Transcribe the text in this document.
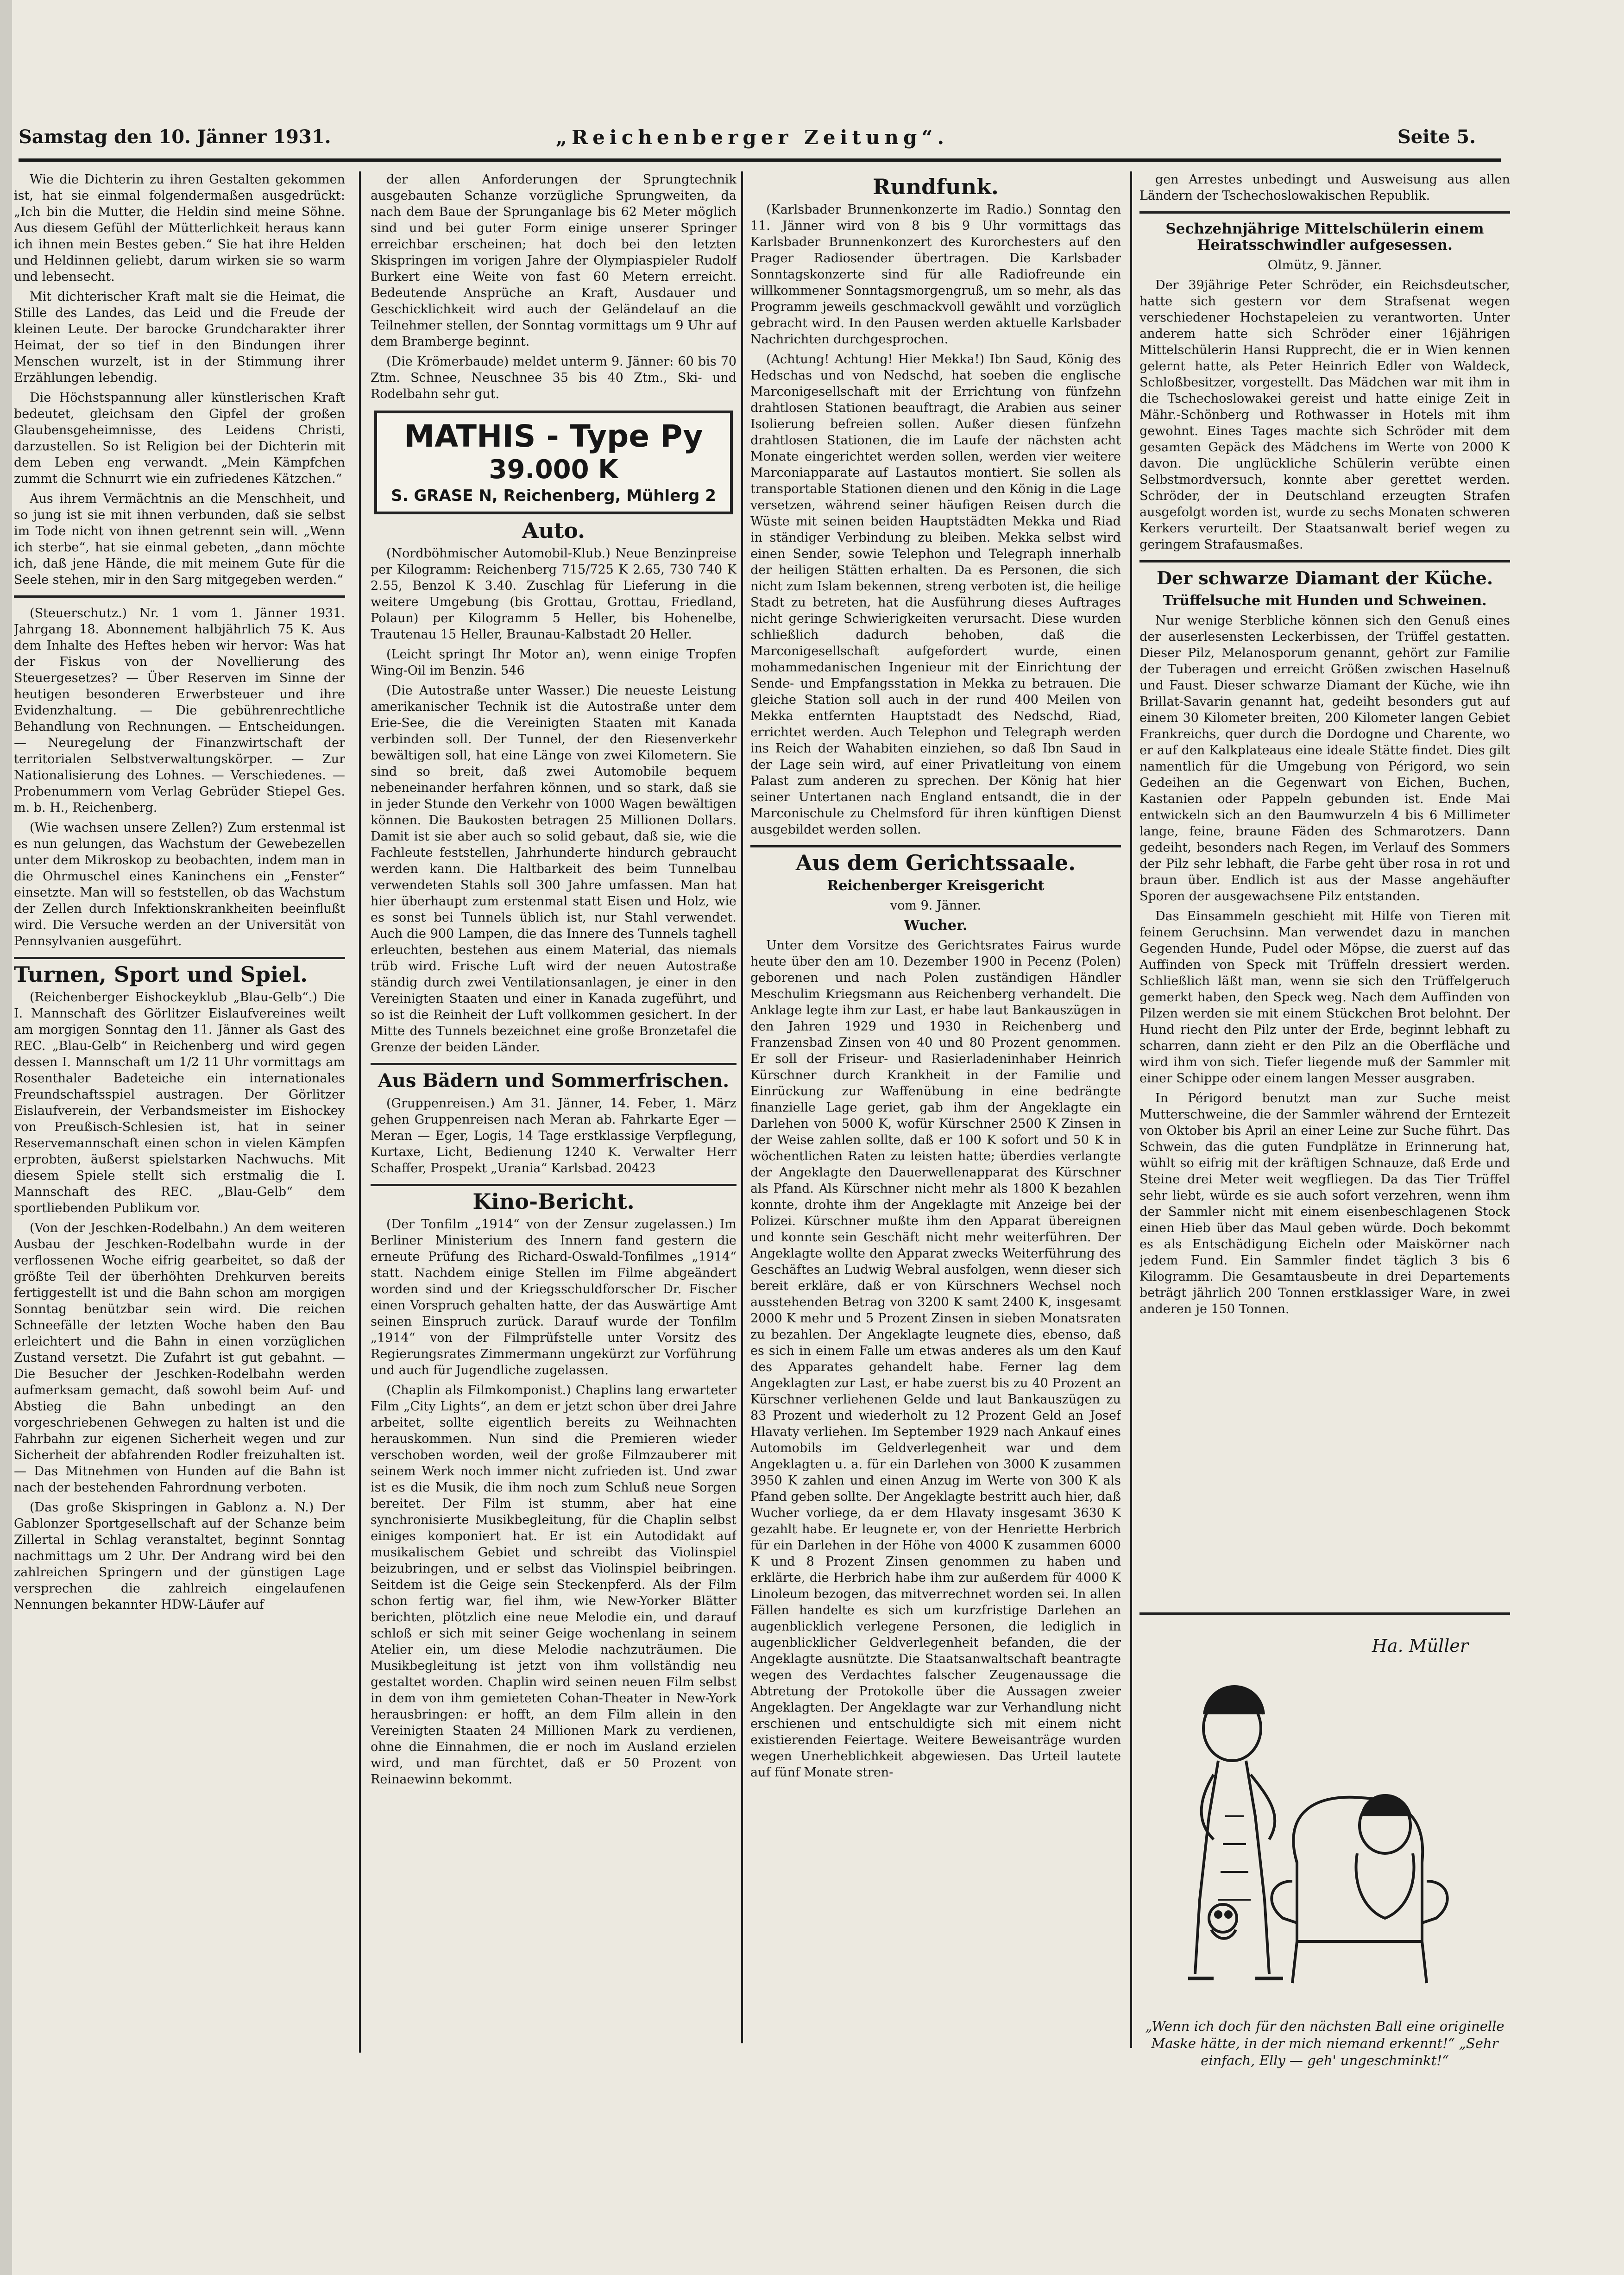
Samstag den 10. Jänner 1931.	„Reichenberger Zeitung“.	Seite 5.

Wie die Dichterin zu ihren Gestalten gekommen ist, hat sie einmal folgendermaßen ausgedrückt: „Ich bin die Mutter, die Heldin sind meine Söhne. Aus diesem Gefühl der Mütterlichkeit heraus kann ich ihnen mein Bestes geben.“ Sie hat ihre Helden und Heldinnen geliebt, darum wirken sie so warm und lebensecht.

Mit dichterischer Kraft malt sie die Heimat, die Stille des Landes, das Leid und die Freude der kleinen Leute. Der barocke Grundcharakter ihrer Heimat, der so tief in den Bindungen ihrer Menschen wurzelt, ist in der Stimmung ihrer Erzählungen lebendig.

Die Höchstspannung aller künstlerischen Kraft bedeutet, gleichsam den Gipfel der großen Glaubensgeheimnisse, des Leidens Christi, darzustellen. So ist Religion bei der Dichterin mit dem Leben eng verwandt. „Mein Kämpfchen zummt die Schnurrt wie ein zufriedenes Kätzchen.“

Aus ihrem Vermächtnis an die Menschheit, und so jung ist sie mit ihnen verbunden, daß sie selbst im Tode nicht von ihnen getrennt sein will. „Wenn ich sterbe“, hat sie einmal gebeten, „dann möchte ich, daß jene Hände, die mit meinem Gute für die Seele stehen, mir in den Sarg mitgegeben werden.“

(Steuerschutz.) Nr. 1 vom 1. Jänner 1931. Jahrgang 18. Abonnement halbjährlich 75 K. Aus dem Inhalte des Heftes heben wir hervor: Was hat der Fiskus von der Novellierung des Steuergesetzes? — Über Reserven im Sinne der heutigen besonderen Erwerbsteuer und ihre Evidenzhaltung. — Die gebührenrechtliche Behandlung von Rechnungen. — Entscheidungen. — Neuregelung der Finanzwirtschaft der territorialen Selbstverwaltungskörper. — Zur Nationalisierung des Lohnes. — Verschiedenes. — Probenummern vom Verlag Gebrüder Stiepel Ges. m. b. H., Reichenberg.

(Wie wachsen unsere Zellen?) Zum erstenmal ist es nun gelungen, das Wachstum der Gewebezellen unter dem Mikroskop zu beobachten, indem man in die Ohrmuschel eines Kaninchens ein „Fenster“ einsetzte. Man will so feststellen, ob das Wachstum der Zellen durch Infektionskrankheiten beeinflußt wird. Die Versuche werden an der Universität von Pennsylvanien ausgeführt.

Turnen, Sport und Spiel.

(Reichenberger Eishockeyklub „Blau-Gelb“.) Die I. Mannschaft des Görlitzer Eislaufvereines weilt am morgigen Sonntag den 11. Jänner als Gast des REC. „Blau-Gelb“ in Reichenberg und wird gegen dessen I. Mannschaft um 1/2 11 Uhr vormittags am Rosenthaler Badeteiche ein internationales Freundschaftsspiel austragen. Der Görlitzer Eislaufverein, der Verbandsmeister im Eishockey von Preußisch-Schlesien ist, hat in seiner Reservemannschaft einen schon in vielen Kämpfen erprobten, äußerst spielstarken Nachwuchs. Mit diesem Spiele stellt sich erstmalig die I. Mannschaft des REC. „Blau-Gelb“ dem sportliebenden Publikum vor.

(Von der Jeschken-Rodelbahn.) An dem weiteren Ausbau der Jeschken-Rodelbahn wurde in der verflossenen Woche eifrig gearbeitet, so daß der größte Teil der überhöhten Drehkurven bereits fertiggestellt ist und die Bahn schon am morgigen Sonntag benützbar sein wird. Die reichen Schneefälle der letzten Woche haben den Bau erleichtert und die Bahn in einen vorzüglichen Zustand versetzt. Die Zufahrt ist gut gebahnt. — Die Besucher der Jeschken-Rodelbahn werden aufmerksam gemacht, daß sowohl beim Auf- und Abstieg die Bahn unbedingt an den vorgeschriebenen Gehwegen zu halten ist und die Fahrbahn zur eigenen Sicherheit wegen und zur Sicherheit der abfahrenden Rodler freizuhalten ist. — Das Mitnehmen von Hunden auf die Bahn ist nach der bestehenden Fahrordnung verboten.

(Das große Skispringen in Gablonz a. N.) Der Gablonzer Sportgesellschaft auf der Schanze beim Zillertal in Schlag veranstaltet, beginnt Sonntag nachmittags um 2 Uhr. Der Andrang wird bei den zahlreichen Springern und der günstigen Lage versprechen die zahlreich eingelaufenen Nennungen bekannter HDW-Läufer auf

der allen Anforderungen der Sprungtechnik ausgebauten Schanze vorzügliche Sprungweiten, da nach dem Baue der Sprunganlage bis 62 Meter möglich sind und bei guter Form einige unserer Springer erreichbar erscheinen; hat doch bei den letzten Skispringen im vorigen Jahre der Olympiaspieler Rudolf Burkert eine Weite von fast 60 Metern erreicht. Bedeutende Ansprüche an Kraft, Ausdauer und Geschicklichkeit wird auch der Geländelauf an die Teilnehmer stellen, der Sonntag vormittags um 9 Uhr auf dem Bramberge beginnt.

(Die Krömerbaude) meldet unterm 9. Jänner: 60 bis 70 Ztm. Schnee, Neuschnee 35 bis 40 Ztm., Ski- und Rodelbahn sehr gut.

MATHIS - Type Py
39.000 K
S. GRASE N, Reichenberg, Mühlerg 2
Auto.

(Nordböhmischer Automobil-Klub.) Neue Benzinpreise per Kilogramm: Reichenberg 715/725 K 2.65, 730 740 K 2.55, Benzol K 3.40. Zuschlag für Lieferung in die weitere Umgebung (bis Grottau, Grottau, Friedland, Polaun) per Kilogramm 5 Heller, bis Hohenelbe, Trautenau 15 Heller, Braunau-Kalbstadt 20 Heller.

(Leicht springt Ihr Motor an), wenn einige Tropfen Wing-Oil im Benzin. 546

(Die Autostraße unter Wasser.) Die neueste Leistung amerikanischer Technik ist die Autostraße unter dem Erie-See, die die Vereinigten Staaten mit Kanada verbinden soll. Der Tunnel, der den Riesenverkehr bewältigen soll, hat eine Länge von zwei Kilometern. Sie sind so breit, daß zwei Automobile bequem nebeneinander herfahren können, und so stark, daß sie in jeder Stunde den Verkehr von 1000 Wagen bewältigen können. Die Baukosten betragen 25 Millionen Dollars. Damit ist sie aber auch so solid gebaut, daß sie, wie die Fachleute feststellen, Jahrhunderte hindurch gebraucht werden kann. Die Haltbarkeit des beim Tunnelbau verwendeten Stahls soll 300 Jahre umfassen. Man hat hier überhaupt zum erstenmal statt Eisen und Holz, wie es sonst bei Tunnels üblich ist, nur Stahl verwendet. Auch die 900 Lampen, die das Innere des Tunnels taghell erleuchten, bestehen aus einem Material, das niemals trüb wird. Frische Luft wird der neuen Autostraße ständig durch zwei Ventilationsanlagen, je einer in den Vereinigten Staaten und einer in Kanada zugeführt, und so ist die Reinheit der Luft vollkommen gesichert. In der Mitte des Tunnels bezeichnet eine große Bronzetafel die Grenze der beiden Länder.

Aus Bädern und Sommerfrischen.

(Gruppenreisen.) Am 31. Jänner, 14. Feber, 1. März gehen Gruppenreisen nach Meran ab. Fahrkarte Eger — Meran — Eger, Logis, 14 Tage erstklassige Verpflegung, Kurtaxe, Licht, Bedienung 1240 K. Verwalter Herr Schaffer, Prospekt „Urania“ Karlsbad. 20423

Kino-Bericht.

(Der Tonfilm „1914“ von der Zensur zugelassen.) Im Berliner Ministerium des Innern fand gestern die erneute Prüfung des Richard-Oswald-Tonfilmes „1914“ statt. Nachdem einige Stellen im Filme abgeändert worden sind und der Kriegsschuldforscher Dr. Fischer einen Vorspruch gehalten hatte, der das Auswärtige Amt seinen Einspruch zurück. Darauf wurde der Tonfilm „1914“ von der Filmprüfstelle unter Vorsitz des Regierungsrates Zimmermann ungekürzt zur Vorführung und auch für Jugendliche zugelassen.

(Chaplin als Filmkomponist.) Chaplins lang erwarteter Film „City Lights“, an dem er jetzt schon über drei Jahre arbeitet, sollte eigentlich bereits zu Weihnachten herauskommen. Nun sind die Premieren wieder verschoben worden, weil der große Filmzauberer mit seinem Werk noch immer nicht zufrieden ist. Und zwar ist es die Musik, die ihm noch zum Schluß neue Sorgen bereitet. Der Film ist stumm, aber hat eine synchronisierte Musikbegleitung, für die Chaplin selbst einiges komponiert hat. Er ist ein Autodidakt auf musikalischem Gebiet und schreibt das Violinspiel beizubringen, und er selbst das Violinspiel beibringen. Seitdem ist die Geige sein Steckenpferd. Als der Film schon fertig war, fiel ihm, wie New-Yorker Blätter berichten, plötzlich eine neue Melodie ein, und darauf schloß er sich mit seiner Geige wochenlang in seinem Atelier ein, um diese Melodie nachzuträumen. Die Musikbegleitung ist jetzt von ihm vollständig neu gestaltet worden. Chaplin wird seinen neuen Film selbst in dem von ihm gemieteten Cohan-Theater in New-York herausbringen: er hofft, an dem Film allein in den Vereinigten Staaten 24 Millionen Mark zu verdienen, ohne die Einnahmen, die er noch im Ausland erzielen wird, und man fürchtet, daß er 50 Prozent von Reinaewinn bekommt.

Rundfunk.

(Karlsbader Brunnenkonzerte im Radio.) Sonntag den 11. Jänner wird von 8 bis 9 Uhr vormittags das Karlsbader Brunnenkonzert des Kurorchesters auf den Prager Radiosender übertragen. Die Karlsbader Sonntagskonzerte sind für alle Radiofreunde ein willkommener Sonntagsmorgengruß, um so mehr, als das Programm jeweils geschmackvoll gewählt und vorzüglich gebracht wird. In den Pausen werden aktuelle Karlsbader Nachrichten durchgesprochen.

(Achtung! Achtung! Hier Mekka!) Ibn Saud, König des Hedschas und von Nedschd, hat soeben die englische Marconigesellschaft mit der Errichtung von fünfzehn drahtlosen Stationen beauftragt, die Arabien aus seiner Isolierung befreien sollen. Außer diesen fünfzehn drahtlosen Stationen, die im Laufe der nächsten acht Monate eingerichtet werden sollen, werden vier weitere Marconiapparate auf Lastautos montiert. Sie sollen als transportable Stationen dienen und den König in die Lage versetzen, während seiner häufigen Reisen durch die Wüste mit seinen beiden Hauptstädten Mekka und Riad in ständiger Verbindung zu bleiben. Mekka selbst wird einen Sender, sowie Telephon und Telegraph innerhalb der heiligen Stätten erhalten. Da es Personen, die sich nicht zum Islam bekennen, streng verboten ist, die heilige Stadt zu betreten, hat die Ausführung dieses Auftrages nicht geringe Schwierigkeiten verursacht. Diese wurden schließlich dadurch behoben, daß die Marconigesellschaft aufgefordert wurde, einen mohammedanischen Ingenieur mit der Einrichtung der Sende- und Empfangsstation in Mekka zu betrauen. Die gleiche Station soll auch in der rund 400 Meilen von Mekka entfernten Hauptstadt des Nedschd, Riad, errichtet werden. Auch Telephon und Telegraph werden ins Reich der Wahabiten einziehen, so daß Ibn Saud in der Lage sein wird, auf einer Privatleitung von einem Palast zum anderen zu sprechen. Der König hat hier seiner Untertanen nach England entsandt, die in der Marconischule zu Chelmsford für ihren künftigen Dienst ausgebildet werden sollen.

Aus dem Gerichtssaale.
Reichenberger Kreisgericht
vom 9. Jänner.
Wucher.

Unter dem Vorsitze des Gerichtsrates Fairus wurde heute über den am 10. Dezember 1900 in Pecenz (Polen) geborenen und nach Polen zuständigen Händler Meschulim Kriegsmann aus Reichenberg verhandelt. Die Anklage legte ihm zur Last, er habe laut Bankauszügen in den Jahren 1929 und 1930 in Reichenberg und Franzensbad Zinsen von 40 und 80 Prozent genommen. Er soll der Friseur- und Rasierladeninhaber Heinrich Kürschner durch Krankheit in der Familie und Einrückung zur Waffenübung in eine bedrängte finanzielle Lage geriet, gab ihm der Angeklagte ein Darlehen von 5000 K, wofür Kürschner 2500 K Zinsen in der Weise zahlen sollte, daß er 100 K sofort und 50 K in wöchentlichen Raten zu leisten hatte; überdies verlangte der Angeklagte den Dauerwellenapparat des Kürschner als Pfand. Als Kürschner nicht mehr als 1800 K bezahlen konnte, drohte ihm der Angeklagte mit Anzeige bei der Polizei. Kürschner mußte ihm den Apparat übereignen und konnte sein Geschäft nicht mehr weiterführen. Der Angeklagte wollte den Apparat zwecks Weiterführung des Geschäftes an Ludwig Webral ausfolgen, wenn dieser sich bereit erkläre, daß er von Kürschners Wechsel noch ausstehenden Betrag von 3200 K samt 2400 K, insgesamt 2000 K mehr und 5 Prozent Zinsen in sieben Monatsraten zu bezahlen. Der Angeklagte leugnete dies, ebenso, daß es sich in einem Falle um etwas anderes als um den Kauf des Apparates gehandelt habe. Ferner lag dem Angeklagten zur Last, er habe zuerst bis zu 40 Prozent an Kürschner verliehenen Gelde und laut Bankauszügen zu 83 Prozent und wiederholt zu 12 Prozent Geld an Josef Hlavaty verliehen. Im September 1929 nach Ankauf eines Automobils im Geldverlegenheit war und dem Angeklagten u. a. für ein Darlehen von 3000 K zusammen 3950 K zahlen und einen Anzug im Werte von 300 K als Pfand geben sollte. Der Angeklagte bestritt auch hier, daß Wucher vorliege, da er dem Hlavaty insgesamt 3630 K gezahlt habe. Er leugnete er, von der Henriette Herbrich für ein Darlehen in der Höhe von 4000 K zusammen 6000 K und 8 Prozent Zinsen genommen zu haben und erklärte, die Herbrich habe ihm zur außerdem für 4000 K Linoleum bezogen, das mitverrechnet worden sei. In allen Fällen handelte es sich um kurzfristige Darlehen an augenblicklich verlegene Personen, die lediglich in augenblicklicher Geldverlegenheit befanden, die der Angeklagte ausnützte. Die Staatsanwaltschaft beantragte wegen des Verdachtes falscher Zeugenaussage die Abtretung der Protokolle über die Aussagen zweier Angeklagten. Der Angeklagte war zur Verhandlung nicht erschienen und entschuldigte sich mit einem nicht existierenden Feiertage. Weitere Beweisanträge wurden wegen Unerheblichkeit abgewiesen. Das Urteil lautete auf fünf Monate stren-

gen Arrestes unbedingt und Ausweisung aus allen Ländern der Tschechoslowakischen Republik.

Sechzehnjährige Mittelschülerin einem Heiratsschwindler aufgesessen.

Olmütz, 9. Jänner.

Der 39jährige Peter Schröder, ein Reichsdeutscher, hatte sich gestern vor dem Strafsenat wegen verschiedener Hochstapeleien zu verantworten. Unter anderem hatte sich Schröder einer 16jährigen Mittelschülerin Hansi Rupprecht, die er in Wien kennen gelernt hatte, als Peter Heinrich Edler von Waldeck, Schloßbesitzer, vorgestellt. Das Mädchen war mit ihm in die Tschechoslowakei gereist und hatte einige Zeit in Mähr.-Schönberg und Rothwasser in Hotels mit ihm gewohnt. Eines Tages machte sich Schröder mit dem gesamten Gepäck des Mädchens im Werte von 2000 K davon. Die unglückliche Schülerin verübte einen Selbstmordversuch, konnte aber gerettet werden. Schröder, der in Deutschland erzeugten Strafen ausgefolgt worden ist, wurde zu sechs Monaten schweren Kerkers verurteilt. Der Staatsanwalt berief wegen zu geringem Strafausmaßes.

Der schwarze Diamant der Küche.
Trüffelsuche mit Hunden und Schweinen.

Nur wenige Sterbliche können sich den Genuß eines der auserlesensten Leckerbissen, der Trüffel gestatten. Dieser Pilz, Melanosporum genannt, gehört zur Familie der Tuberagen und erreicht Größen zwischen Haselnuß und Faust. Dieser schwarze Diamant der Küche, wie ihn Brillat-Savarin genannt hat, gedeiht besonders gut auf einem 30 Kilometer breiten, 200 Kilometer langen Gebiet Frankreichs, quer durch die Dordogne und Charente, wo er auf den Kalkplateaus eine ideale Stätte findet. Dies gilt namentlich für die Umgebung von Périgord, wo sein Gedeihen an die Gegenwart von Eichen, Buchen, Kastanien oder Pappeln gebunden ist. Ende Mai entwickeln sich an den Baumwurzeln 4 bis 6 Millimeter lange, feine, braune Fäden des Schmarotzers. Dann gedeiht, besonders nach Regen, im Verlauf des Sommers der Pilz sehr lebhaft, die Farbe geht über rosa in rot und braun über. Endlich ist aus der Masse angehäufter Sporen der ausgewachsene Pilz entstanden.

Das Einsammeln geschieht mit Hilfe von Tieren mit feinem Geruchsinn. Man verwendet dazu in manchen Gegenden Hunde, Pudel oder Möpse, die zuerst auf das Auffinden von Speck mit Trüffeln dressiert werden. Schließlich läßt man, wenn sie sich den Trüffelgeruch gemerkt haben, den Speck weg. Nach dem Auffinden von Pilzen werden sie mit einem Stückchen Brot belohnt. Der Hund riecht den Pilz unter der Erde, beginnt lebhaft zu scharren, dann zieht er den Pilz an die Oberfläche und wird ihm von sich. Tiefer liegende muß der Sammler mit einer Schippe oder einem langen Messer ausgraben.

In Périgord benutzt man zur Suche meist Mutterschweine, die der Sammler während der Erntezeit von Oktober bis April an einer Leine zur Suche führt. Das Schwein, das die guten Fundplätze in Erinnerung hat, wühlt so eifrig mit der kräftigen Schnauze, daß Erde und Steine drei Meter weit wegfliegen. Da das Tier Trüffel sehr liebt, würde es sie auch sofort verzehren, wenn ihm der Sammler nicht mit einem eisenbeschlagenen Stock einen Hieb über das Maul geben würde. Doch bekommt es als Entschädigung Eicheln oder Maiskörner nach jedem Fund. Ein Sammler findet täglich 3 bis 6 Kilogramm. Die Gesamtausbeute in drei Departements beträgt jährlich 200 Tonnen erstklassiger Ware, in zwei anderen je 150 Tonnen.

Ha. Müller
„Wenn ich doch für den nächsten Ball eine originelle Maske hätte, in der mich niemand erkennt!“ „Sehr einfach, Elly — geh' ungeschminkt!“
